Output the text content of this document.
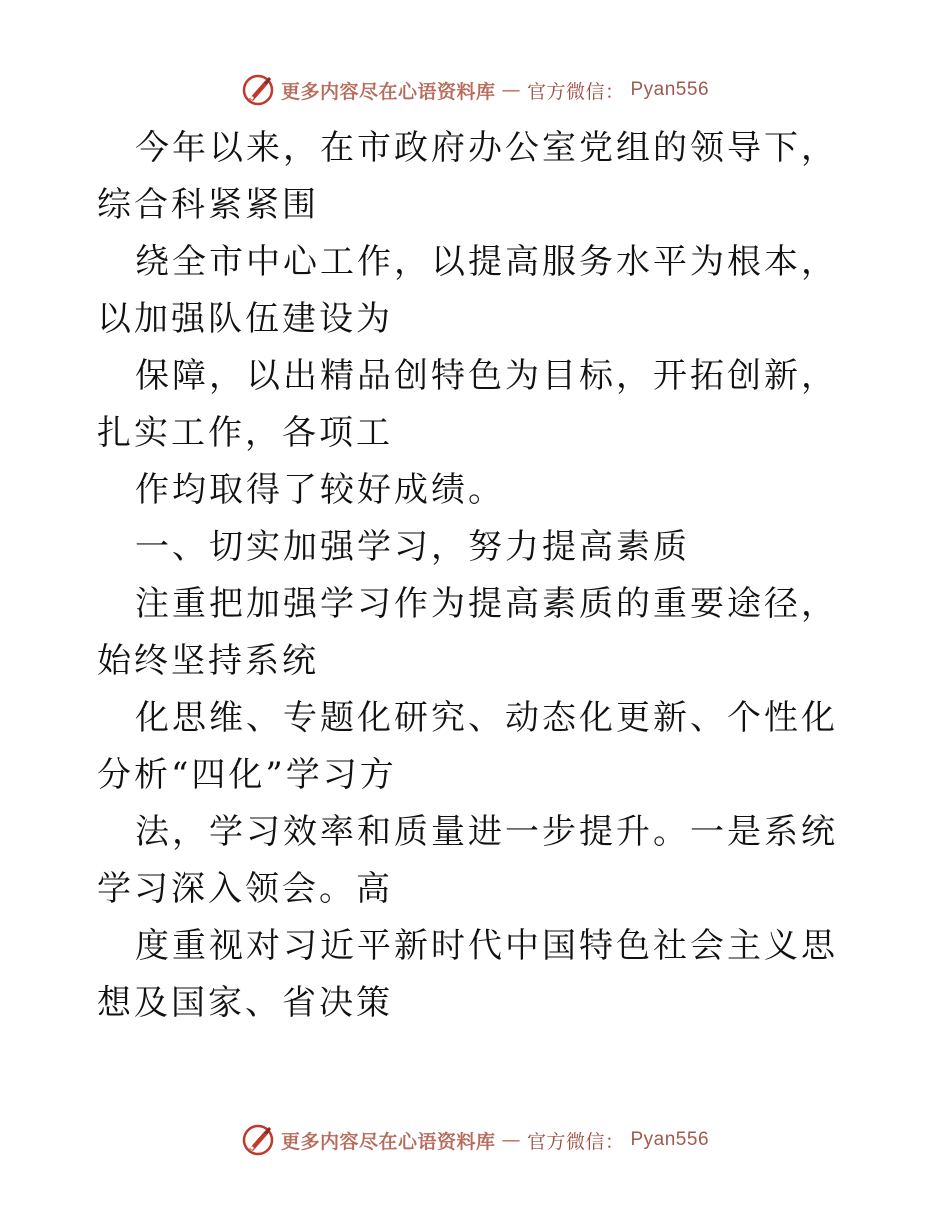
更多内容尽在心语资料库 — 官方微信： Pyan556

今年以来，在市政府办公室党组的领导下，综合科紧紧围

绕全市中心工作，以提高服务水平为根本，以加强队伍建设为

保障，以出精品创特色为目标，开拓创新，扎实工作，各项工

作均取得了较好成绩。

一、切实加强学习，努力提高素质

注重把加强学习作为提高素质的重要途径，始终坚持系统

化思维、专题化研究、动态化更新、个性化分析“四化”学习方

法，学习效率和质量进一步提升。一是系统学习深入领会。高

度重视对习近平新时代中国特色社会主义思想及国家、省决策

更多内容尽在心语资料库 — 官方微信： Pyan556
